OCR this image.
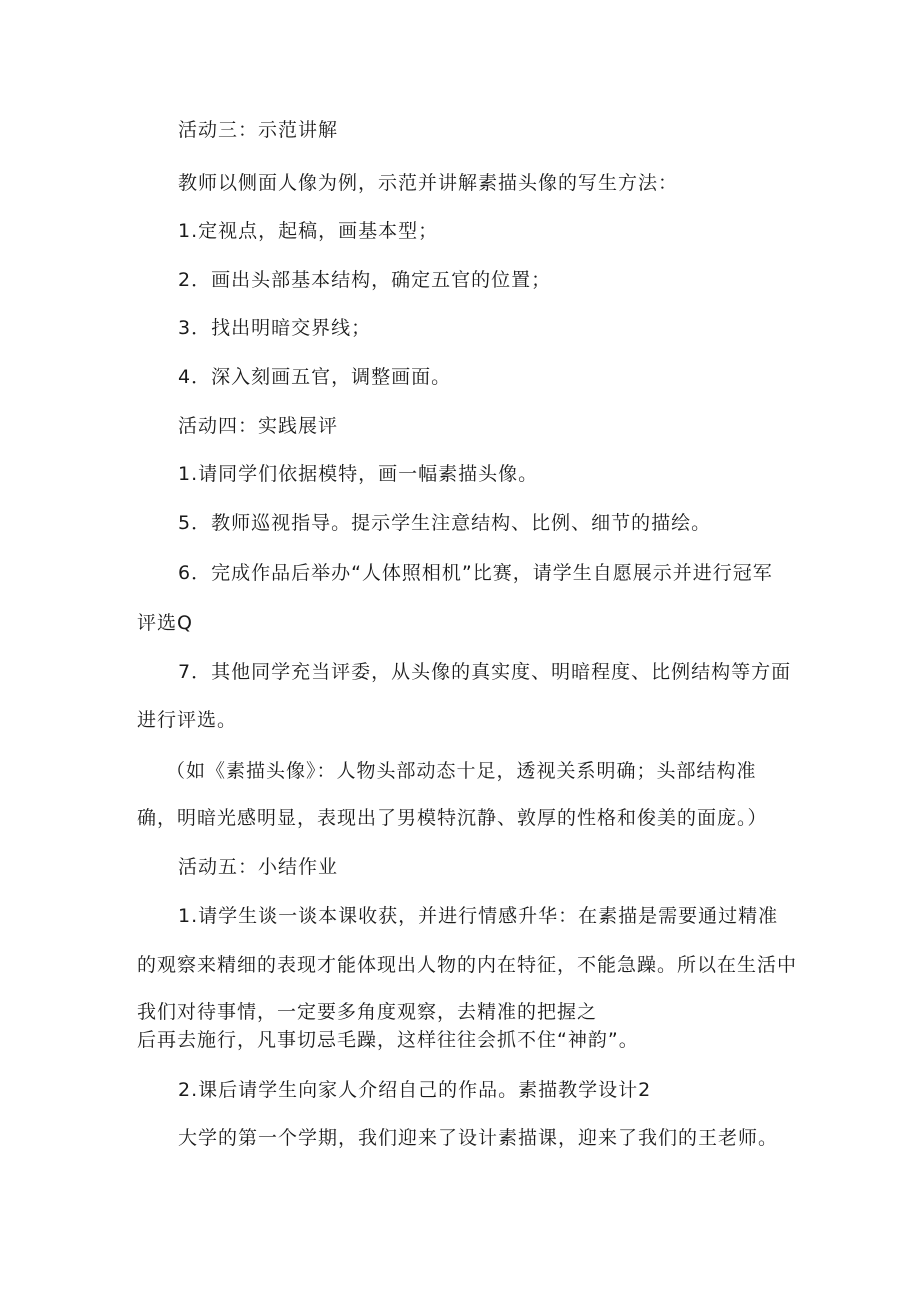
活动三：示范讲解
教师以侧面人像为例，示范并讲解素描头像的写生方法：
1.定视点，起稿，画基本型；
2．画出头部基本结构，确定五官的位置；
3．找出明暗交界线；
4．深入刻画五官，调整画面。
活动四：实践展评
1.请同学们依据模特，画一幅素描头像。
5．教师巡视指导。提示学生注意结构、比例、细节的描绘。
6．完成作品后举办“人体照相机”比赛，请学生自愿展示并进行冠军
评选Q
7．其他同学充当评委，从头像的真实度、明暗程度、比例结构等方面
进行评选。
（如《素描头像》：人物头部动态十足，透视关系明确；头部结构准
确，明暗光感明显，表现出了男模特沉静、敦厚的性格和俊美的面庞。）
活动五：小结作业
1.请学生谈一谈本课收获，并进行情感升华：在素描是需要通过精准
的观察来精细的表现才能体现出人物的内在特征，不能急躁。所以在生活中
我们对待事情，一定要多角度观察，去精准的把握之
后再去施行，凡事切忌毛躁，这样往往会抓不住“神韵”。
2.课后请学生向家人介绍自己的作品。素描教学设计2
大学的第一个学期，我们迎来了设计素描课，迎来了我们的王老师。
